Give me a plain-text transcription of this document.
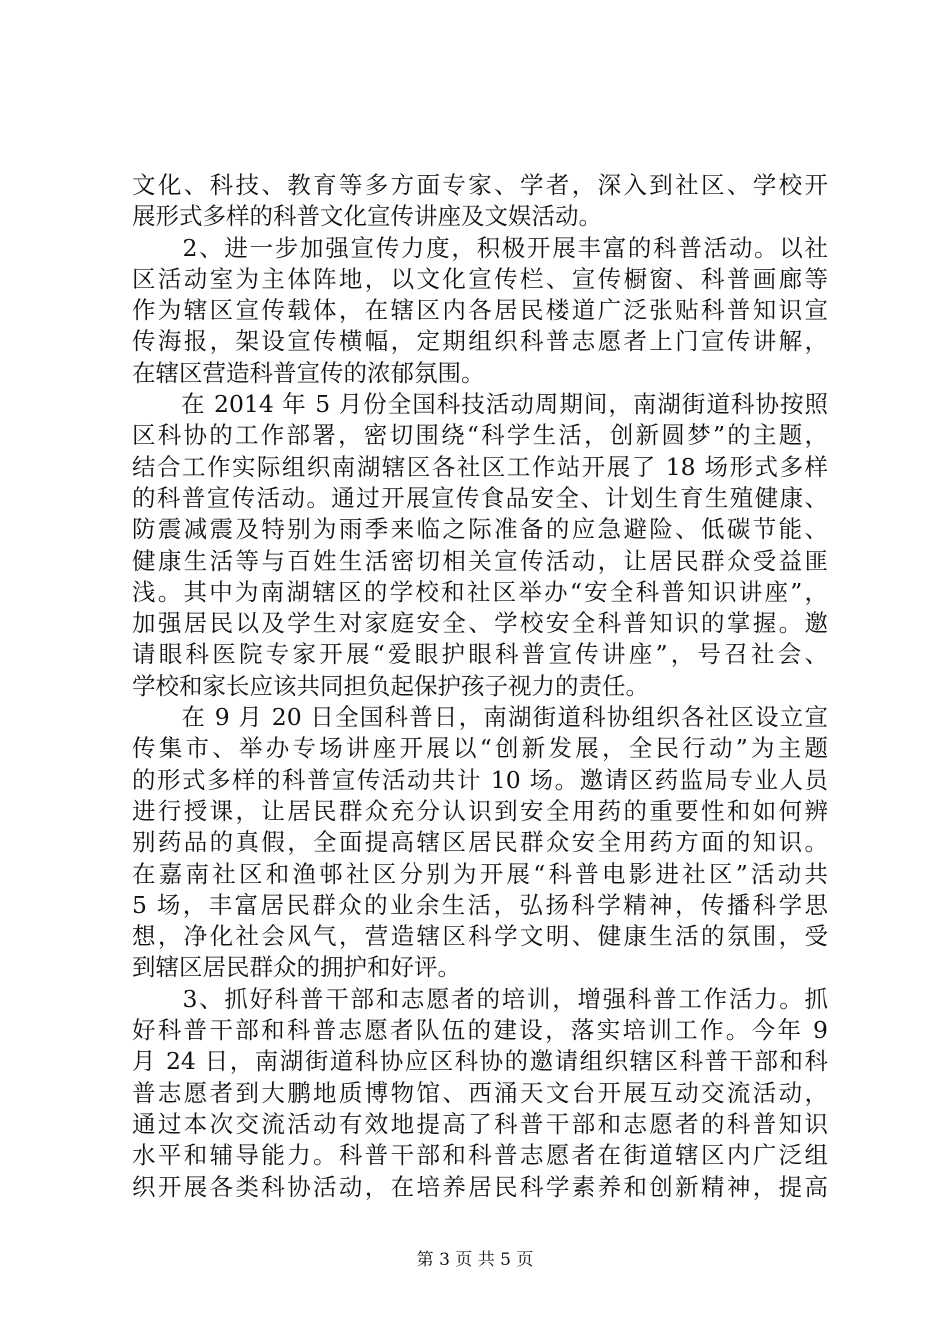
文化、科技、教育等多方面专家、学者，深入到社区、学校开
展形式多样的科普文化宣传讲座及文娱活动。
　　2、进一步加强宣传力度，积极开展丰富的科普活动。以社
区活动室为主体阵地，以文化宣传栏、宣传橱窗、科普画廊等
作为辖区宣传载体，在辖区内各居民楼道广泛张贴科普知识宣
传海报，架设宣传横幅，定期组织科普志愿者上门宣传讲解，
在辖区营造科普宣传的浓郁氛围。
　　在 2014 年 5 月份全国科技活动周期间，南湖街道科协按照
区科协的工作部署，密切围绕“科学生活，创新圆梦”的主题，
结合工作实际组织南湖辖区各社区工作站开展了 18 场形式多样
的科普宣传活动。通过开展宣传食品安全、计划生育生殖健康、
防震减震及特别为雨季来临之际准备的应急避险、低碳节能、
健康生活等与百姓生活密切相关宣传活动，让居民群众受益匪
浅。其中为南湖辖区的学校和社区举办“安全科普知识讲座”，
加强居民以及学生对家庭安全、学校安全科普知识的掌握。邀
请眼科医院专家开展“爱眼护眼科普宣传讲座”，号召社会、
学校和家长应该共同担负起保护孩子视力的责任。
　　在 9 月 20 日全国科普日，南湖街道科协组织各社区设立宣
传集市、举办专场讲座开展以“创新发展，全民行动”为主题
的形式多样的科普宣传活动共计 10 场。邀请区药监局专业人员
进行授课，让居民群众充分认识到安全用药的重要性和如何辨
别药品的真假，全面提高辖区居民群众安全用药方面的知识。
在嘉南社区和渔邨社区分别为开展“科普电影进社区”活动共
5 场，丰富居民群众的业余生活，弘扬科学精神，传播科学思
想，净化社会风气，营造辖区科学文明、健康生活的氛围，受
到辖区居民群众的拥护和好评。
　　3、抓好科普干部和志愿者的培训，增强科普工作活力。抓
好科普干部和科普志愿者队伍的建设，落实培训工作。今年 9
月 24 日，南湖街道科协应区科协的邀请组织辖区科普干部和科
普志愿者到大鹏地质博物馆、西涌天文台开展互动交流活动，
通过本次交流活动有效地提高了科普干部和志愿者的科普知识
水平和辅导能力。科普干部和科普志愿者在街道辖区内广泛组
织开展各类科协活动，在培养居民科学素养和创新精神，提高
第 3 页 共 5 页
